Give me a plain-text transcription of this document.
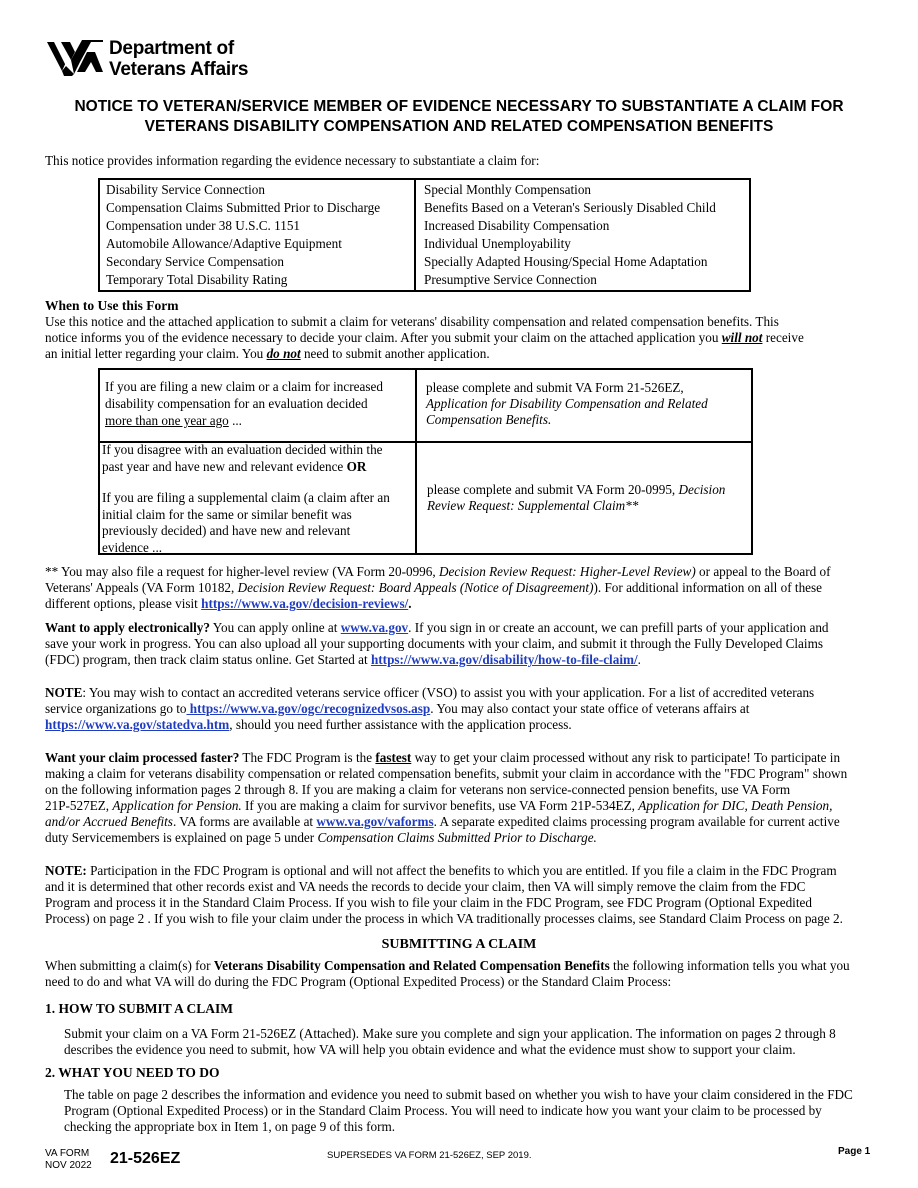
Department of
Veterans Affairs
NOTICE TO VETERAN/SERVICE MEMBER OF EVIDENCE NECESSARY TO SUBSTANTIATE A CLAIM FOR
VETERANS DISABILITY COMPENSATION AND RELATED COMPENSATION BENEFITS
This notice provides information regarding the evidence necessary to substantiate a claim for:
Disability Service Connection
Compensation Claims Submitted Prior to Discharge
Compensation under 38 U.S.C. 1151
Automobile Allowance/Adaptive Equipment
Secondary Service Compensation
Temporary Total Disability Rating
Special Monthly Compensation
Benefits Based on a Veteran's Seriously Disabled Child
Increased Disability Compensation
Individual Unemployability
Specially Adapted Housing/Special Home Adaptation
Presumptive Service Connection
When to Use this Form
Use this notice and the attached application to submit a claim for veterans' disability compensation and related compensation benefits. This
notice informs you of the evidence necessary to decide your claim. After you submit your claim on the attached application you will not receive
an initial letter regarding your claim. You do not need to submit another application.
If you are filing a new claim or a claim for increased
disability compensation for an evaluation decided
more than one year ago ...
please complete and submit VA Form 21-526EZ,
Application for Disability Compensation and Related
Compensation Benefits.
If you disagree with an evaluation decided within the
past year and have new and relevant evidence OR
If you are filing a supplemental claim (a claim after an
initial claim for the same or similar benefit was
previously decided) and have new and relevant
evidence ...
please complete and submit VA Form 20-0995, Decision
Review Request: Supplemental Claim**
** You may also file a request for higher-level review (VA Form 20-0996, Decision Review Request: Higher-Level Review) or appeal to the Board of
Veterans' Appeals (VA Form 10182, Decision Review Request: Board Appeals (Notice of Disagreement)). For additional information on all of these
different options, please visit https://www.va.gov/decision-reviews/.
Want to apply electronically? You can apply online at www.va.gov. If you sign in or create an account, we can prefill parts of your application and
save your work in progress. You can also upload all your supporting documents with your claim, and submit it through the Fully Developed Claims
(FDC) program, then track claim status online. Get Started at https://www.va.gov/disability/how-to-file-claim/.
NOTE: You may wish to contact an accredited veterans service officer (VSO) to assist you with your application. For a list of accredited veterans
service organizations go to https://www.va.gov/ogc/recognizedvsos.asp. You may also contact your state office of veterans affairs at
https://www.va.gov/statedva.htm, should you need further assistance with the application process.
Want your claim processed faster? The FDC Program is the fastest way to get your claim processed without any risk to participate! To participate in
making a claim for veterans disability compensation or related compensation benefits, submit your claim in accordance with the "FDC Program" shown
on the following information pages 2 through 8. If you are making a claim for veterans non service-connected pension benefits, use VA Form
21P-527EZ, Application for Pension. If you are making a claim for survivor benefits, use VA Form 21P-534EZ, Application for DIC, Death Pension,
and/or Accrued Benefits. VA forms are available at www.va.gov/vaforms. A separate expedited claims processing program available for current active
duty Servicemembers is explained on page 5 under Compensation Claims Submitted Prior to Discharge.
NOTE: Participation in the FDC Program is optional and will not affect the benefits to which you are entitled. If you file a claim in the FDC Program
and it is determined that other records exist and VA needs the records to decide your claim, then VA will simply remove the claim from the FDC
Program and process it in the Standard Claim Process. If you wish to file your claim in the FDC Program, see FDC Program (Optional Expedited
Process) on page 2 . If you wish to file your claim under the process in which VA traditionally processes claims, see Standard Claim Process on page 2.
SUBMITTING A CLAIM
When submitting a claim(s) for Veterans Disability Compensation and Related Compensation Benefits the following information tells you what you
need to do and what VA will do during the FDC Program (Optional Expedited Process) or the Standard Claim Process:
1. HOW TO SUBMIT A CLAIM
Submit your claim on a VA Form 21-526EZ (Attached). Make sure you complete and sign your application. The information on pages 2 through 8
describes the evidence you need to submit, how VA will help you obtain evidence and what the evidence must show to support your claim.
2. WHAT YOU NEED TO DO
The table on page 2 describes the information and evidence you need to submit based on whether you wish to have your claim considered in the FDC
Program (Optional Expedited Process) or in the Standard Claim Process. You will need to indicate how you want your claim to be processed by
checking the appropriate box in Item 1, on page 9 of this form.
VA FORM
NOV 2022 21-526EZ	SUPERSEDES VA FORM 21-526EZ, SEP 2019.	Page 1
